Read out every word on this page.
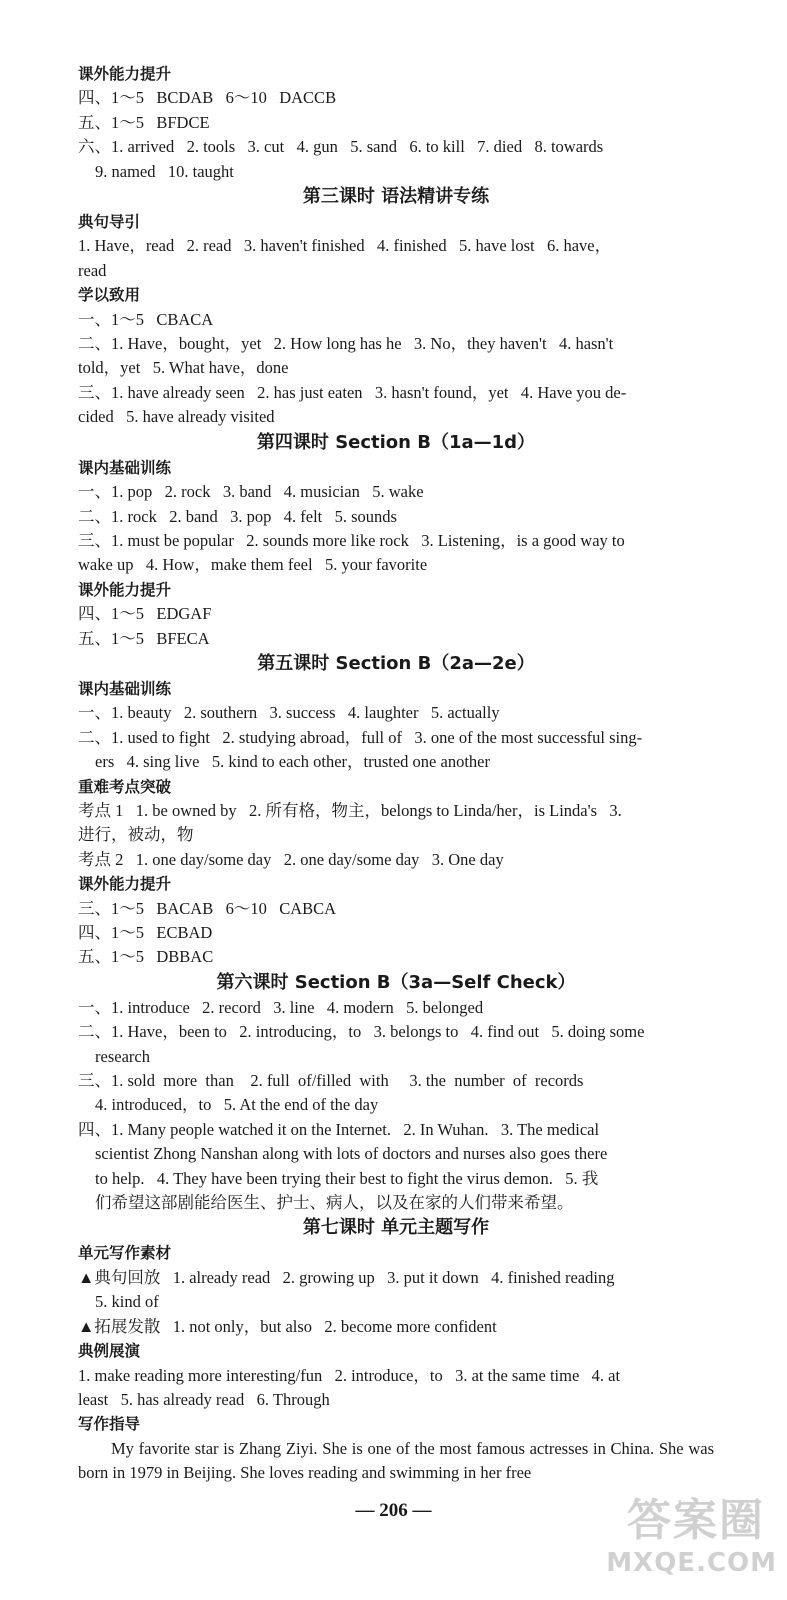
课外能力提升
四、1～5   BCDAB   6～10   DACCB
五、1～5   BFDCE
六、1. arrived   2. tools   3. cut   4. gun   5. sand   6. to kill   7. died   8. towards
9. named   10. taught
第三课时 语法精讲专练
典句导引
1. Have，read   2. read   3. haven't finished   4. finished   5. have lost   6. have，
read
学以致用
一、1～5   CBACA
二、1. Have，bought，yet   2. How long has he   3. No，they haven't   4. hasn't
told，yet   5. What have，done
三、1. have already seen   2. has just eaten   3. hasn't found，yet   4. Have you de-
cided   5. have already visited
第四课时 Section B（1a—1d）
课内基础训练
一、1. pop   2. rock   3. band   4. musician   5. wake
二、1. rock   2. band   3. pop   4. felt   5. sounds
三、1. must be popular   2. sounds more like rock   3. Listening，is a good way to
wake up   4. How，make them feel   5. your favorite
课外能力提升
四、1～5   EDGAF
五、1～5   BFECA
第五课时 Section B（2a—2e）
课内基础训练
一、1. beauty   2. southern   3. success   4. laughter   5. actually
二、1. used to fight   2. studying abroad，full of   3. one of the most successful sing-
ers   4. sing live   5. kind to each other，trusted one another
重难考点突破
考点 1   1. be owned by   2. 所有格，物主，belongs to Linda/her，is Linda's   3.
进行，被动，物
考点 2   1. one day/some day   2. one day/some day   3. One day
课外能力提升
三、1～5   BACAB   6～10   CABCA
四、1～5   ECBAD
五、1～5   DBBAC
第六课时 Section B（3a—Self Check）
一、1. introduce   2. record   3. line   4. modern   5. belonged
二、1. Have，been to   2. introducing，to   3. belongs to   4. find out   5. doing some
research
三、1. sold  more  than    2. full  of/filled  with     3. the  number  of  records
4. introduced，to   5. At the end of the day
四、1. Many people watched it on the Internet.   2. In Wuhan.   3. The medical
scientist Zhong Nanshan along with lots of doctors and nurses also goes there
to help.   4. They have been trying their best to fight the virus demon.   5. 我
们希望这部剧能给医生、护士、病人，以及在家的人们带来希望。
第七课时 单元主题写作
单元写作素材
▲典句回放   1. already read   2. growing up   3. put it down   4. finished reading
5. kind of
▲拓展发散   1. not only，but also   2. become more confident
典例展演
1. make reading more interesting/fun   2. introduce，to   3. at the same time   4. at
least   5. has already read   6. Through
写作指导
My favorite star is Zhang Ziyi. She is one of the most famous actresses in China. She was born in 1979 in Beijing. She loves reading and swimming in her free
— 206 —	答案圈
MXQE.COM
